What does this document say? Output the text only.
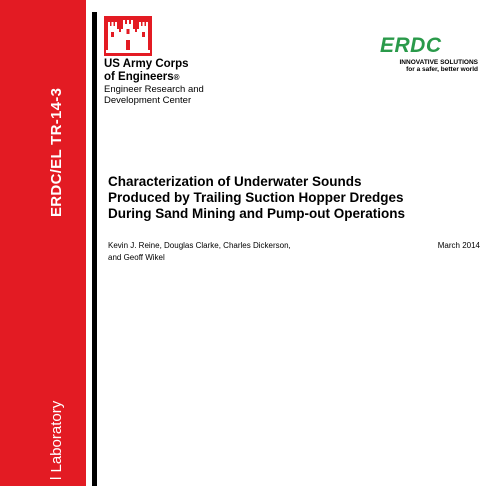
ERDC/EL TR-14-3
l Laboratory
US Army Corps
of Engineers®
Engineer Research and
Development Center
ERDC
INNOVATIVE SOLUTIONS
for a safer, better world
Characterization of Underwater Sounds
Produced by Trailing Suction Hopper Dredges
During Sand Mining and Pump-out Operations
Kevin J. Reine, Douglas Clarke, Charles Dickerson,
and Geoff Wikel
March 2014
